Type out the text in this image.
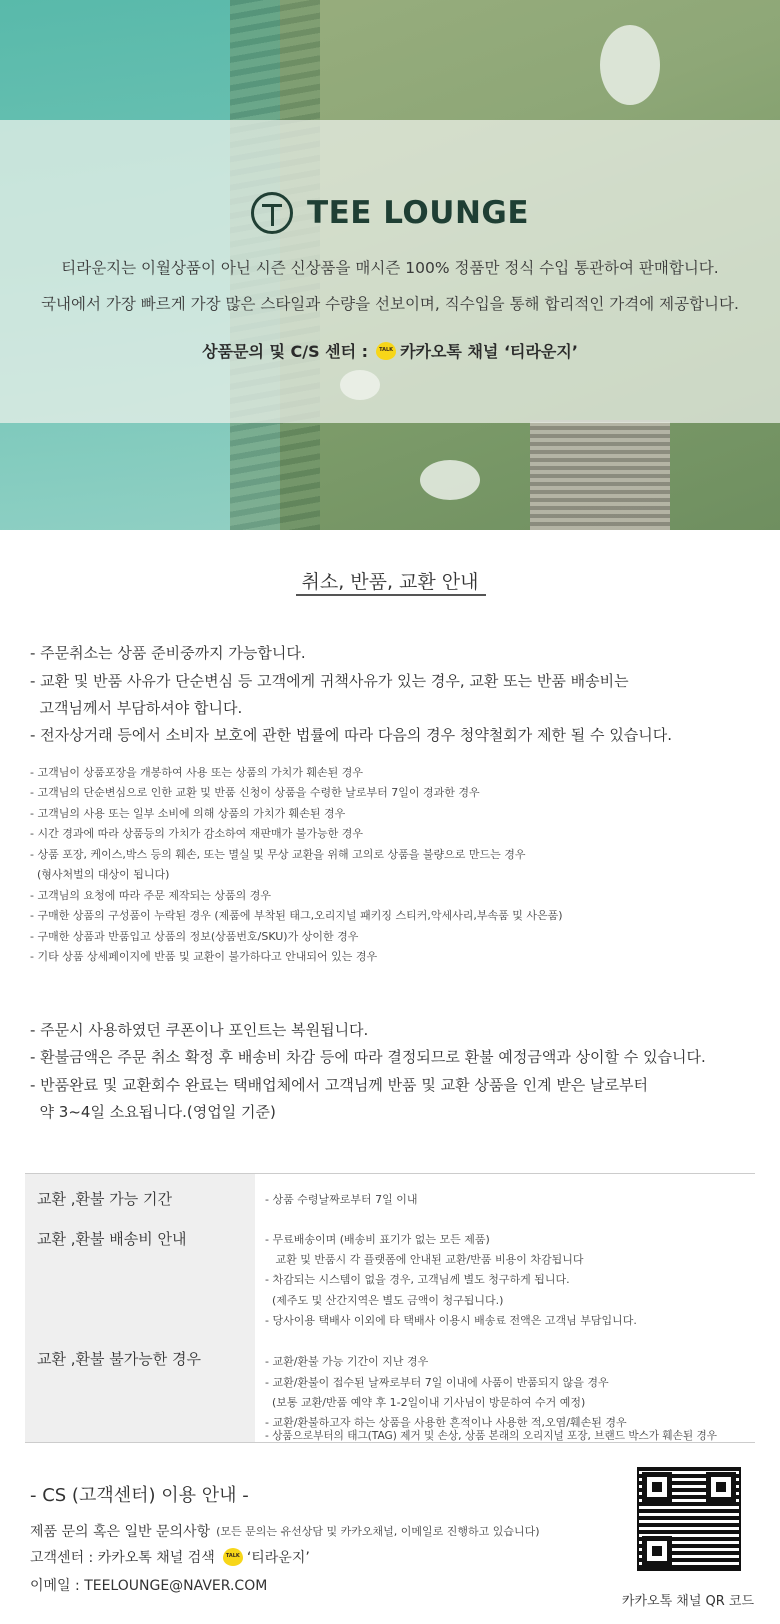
TEE LOUNGE
티라운지는 이월상품이 아닌 시즌 신상품을 매시즌 100% 정품만 정식 수입 통관하여 판매합니다.
국내에서 가장 빠르게 가장 많은 스타일과 수량을 선보이며, 직수입을 통해 합리적인 가격에 제공합니다.
상품문의 및 C/S 센터 :	TALK 카카오톡 채널 ‘티라운지’
취소, 반품, 교환 안내
- 주문취소는 상품 준비중까지 가능합니다.
- 교환 및 반품 사유가 단순변심 등 고객에게 귀책사유가 있는 경우, 교환 또는 반품 배송비는
고객님께서 부담하셔야 합니다.
- 전자상거래 등에서 소비자 보호에 관한 법률에 따라 다음의 경우 청약철회가 제한 될 수 있습니다.
- 고객님이 상품포장을 개봉하여 사용 또는 상품의 가치가 훼손된 경우
- 고객님의 단순변심으로 인한 교환 및 반품 신청이 상품을 수령한 날로부터 7일이 경과한 경우
- 고객님의 사용 또는 일부 소비에 의해 상품의 가치가 훼손된 경우
- 시간 경과에 따라 상품등의 가치가 감소하여 재판매가 불가능한 경우
- 상품 포장, 케이스,박스 등의 훼손, 또는 멸실 및 무상 교환을 위해 고의로 상품을 불량으로 만드는 경우
(형사처벌의 대상이 됩니다)
- 고객님의 요청에 따라 주문 제작되는 상품의 경우
- 구매한 상품의 구성품이 누락된 경우 (제품에 부착된 태그,오리지널 패키징 스티커,악세사리,부속품 및 사은품)
- 구매한 상품과 반품입고 상품의 정보(상품번호/SKU)가 상이한 경우
- 기타 상품 상세페이지에 반품 및 교환이 불가하다고 안내되어 있는 경우
- 주문시 사용하였던 쿠폰이나 포인트는 복원됩니다.
- 환불금액은 주문 취소 확정 후 배송비 차감 등에 따라 결정되므로 환불 예정금액과 상이할 수 있습니다.
- 반품완료 및 교환회수 완료는 택배업체에서 고객님께 반품 및 교환 상품을 인계 받은 날로부터
약 3~4일 소요됩니다.(영업일 기준)
교환 ,환불 가능 기간	- 상품 수령날짜로부터 7일 이내
교환 ,환불 배송비 안내	- 무료배송이며 (배송비 표기가 없는 모든 제품)
교환 및 반품시 각 플랫폼에 안내된 교환/반품 비용이 차감됩니다
- 차감되는 시스템이 없을 경우, 고객님께 별도 청구하게 됩니다.
(제주도 및 산간지역은 별도 금액이 청구됩니다.)
- 당사이용 택배사 이외에 타 택배사 이용시 배송료 전액은 고객님 부담입니다.
교환 ,환불 불가능한 경우	- 교환/환불 가능 기간이 지난 경우
- 교환/환불이 접수된 날짜로부터 7일 이내에 사품이 반품되지 않을 경우
(보통 교환/반품 예약 후 1-2일이내 기사님이 방문하여 수거 예정)
- 교환/환불하고자 하는 상품을 사용한 흔적이나 사용한 적,오염/훼손된 경우
- 상품으로부터의 태그(TAG) 제거 및 손상, 상품 본래의 오리지널 포장, 브랜드 박스가 훼손된 경우
- CS (고객센터) 이용 안내 -
제품 문의 혹은 일반 문의사항 (모든 문의는 유선상담 및 카카오채널, 이메일로 진행하고 있습니다)
고객센터 : 카카오톡 채널 검색	TALK ‘티라운지’
이메일 : TEELOUNGE@NAVER.COM
카카오톡 채널 QR 코드
